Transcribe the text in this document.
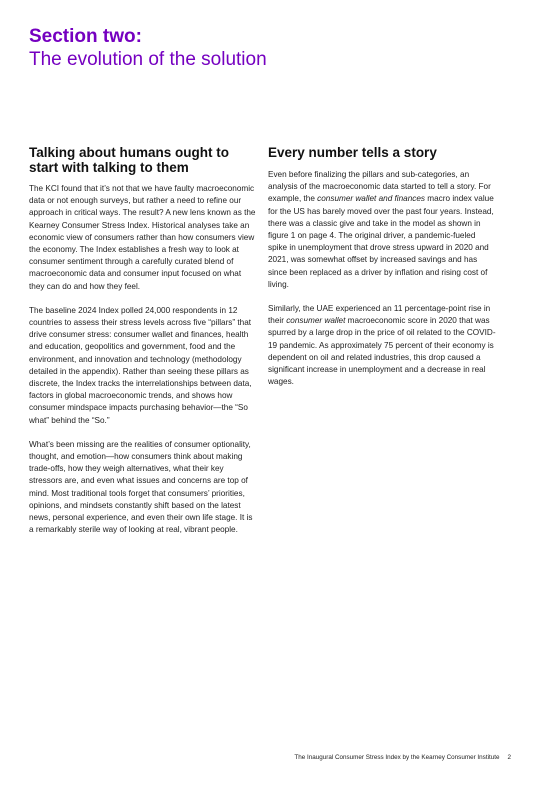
Section two:
The evolution of the solution
Talking about humans ought to start with talking to them

The KCI found that it’s not that we have faulty macroeconomic data or not enough surveys, but rather a need to refine our approach in critical ways. The result? A new lens known as the Kearney Consumer Stress Index. Historical analyses take an economic view of consumers rather than how consumers view the economy. The Index establishes a fresh way to look at consumer sentiment through a carefully curated blend of macroeconomic data and consumer input focused on what they can do and how they feel.

The baseline 2024 Index polled 24,000 respondents in 12 countries to assess their stress levels across five “pillars” that drive consumer stress: consumer wallet and finances, health and education, geopolitics and government, food and the environment, and innovation and technology (methodology detailed in the appendix). Rather than seeing these pillars as discrete, the Index tracks the interrelationships between data, factors in global macroeconomic trends, and shows how consumer mindspace impacts purchasing behavior—the “So what” behind the “So.”

What’s been missing are the realities of consumer optionality, thought, and emotion—how consumers think about making trade-offs, how they weigh alternatives, what their key stressors are, and even what issues and concerns are top of mind. Most traditional tools forget that consumers’ priorities, opinions, and mindsets constantly shift based on the latest news, personal experience, and even their own life stage. It is a remarkably sterile way of looking at real, vibrant people.

Every number tells a story

Even before finalizing the pillars and sub-categories, an analysis of the macroeconomic data started to tell a story. For example, the consumer wallet and finances macro index value for the US has barely moved over the past four years. Instead, there was a classic give and take in the model as shown in figure 1 on page 4. The original driver, a pandemic-fueled spike in unemployment that drove stress upward in 2020 and 2021, was somewhat offset by increased savings and has since been replaced as a driver by inflation and rising cost of living.

Similarly, the UAE experienced an 11 percentage-point rise in their consumer wallet macroeconomic score in 2020 that was spurred by a large drop in the price of oil related to the COVID-19 pandemic. As approximately 75 percent of their economy is dependent on oil and related industries, this drop caused a significant increase in unemployment and a decrease in real wages.

The Inaugural Consumer Stress Index by the Kearney Consumer Institute 2
